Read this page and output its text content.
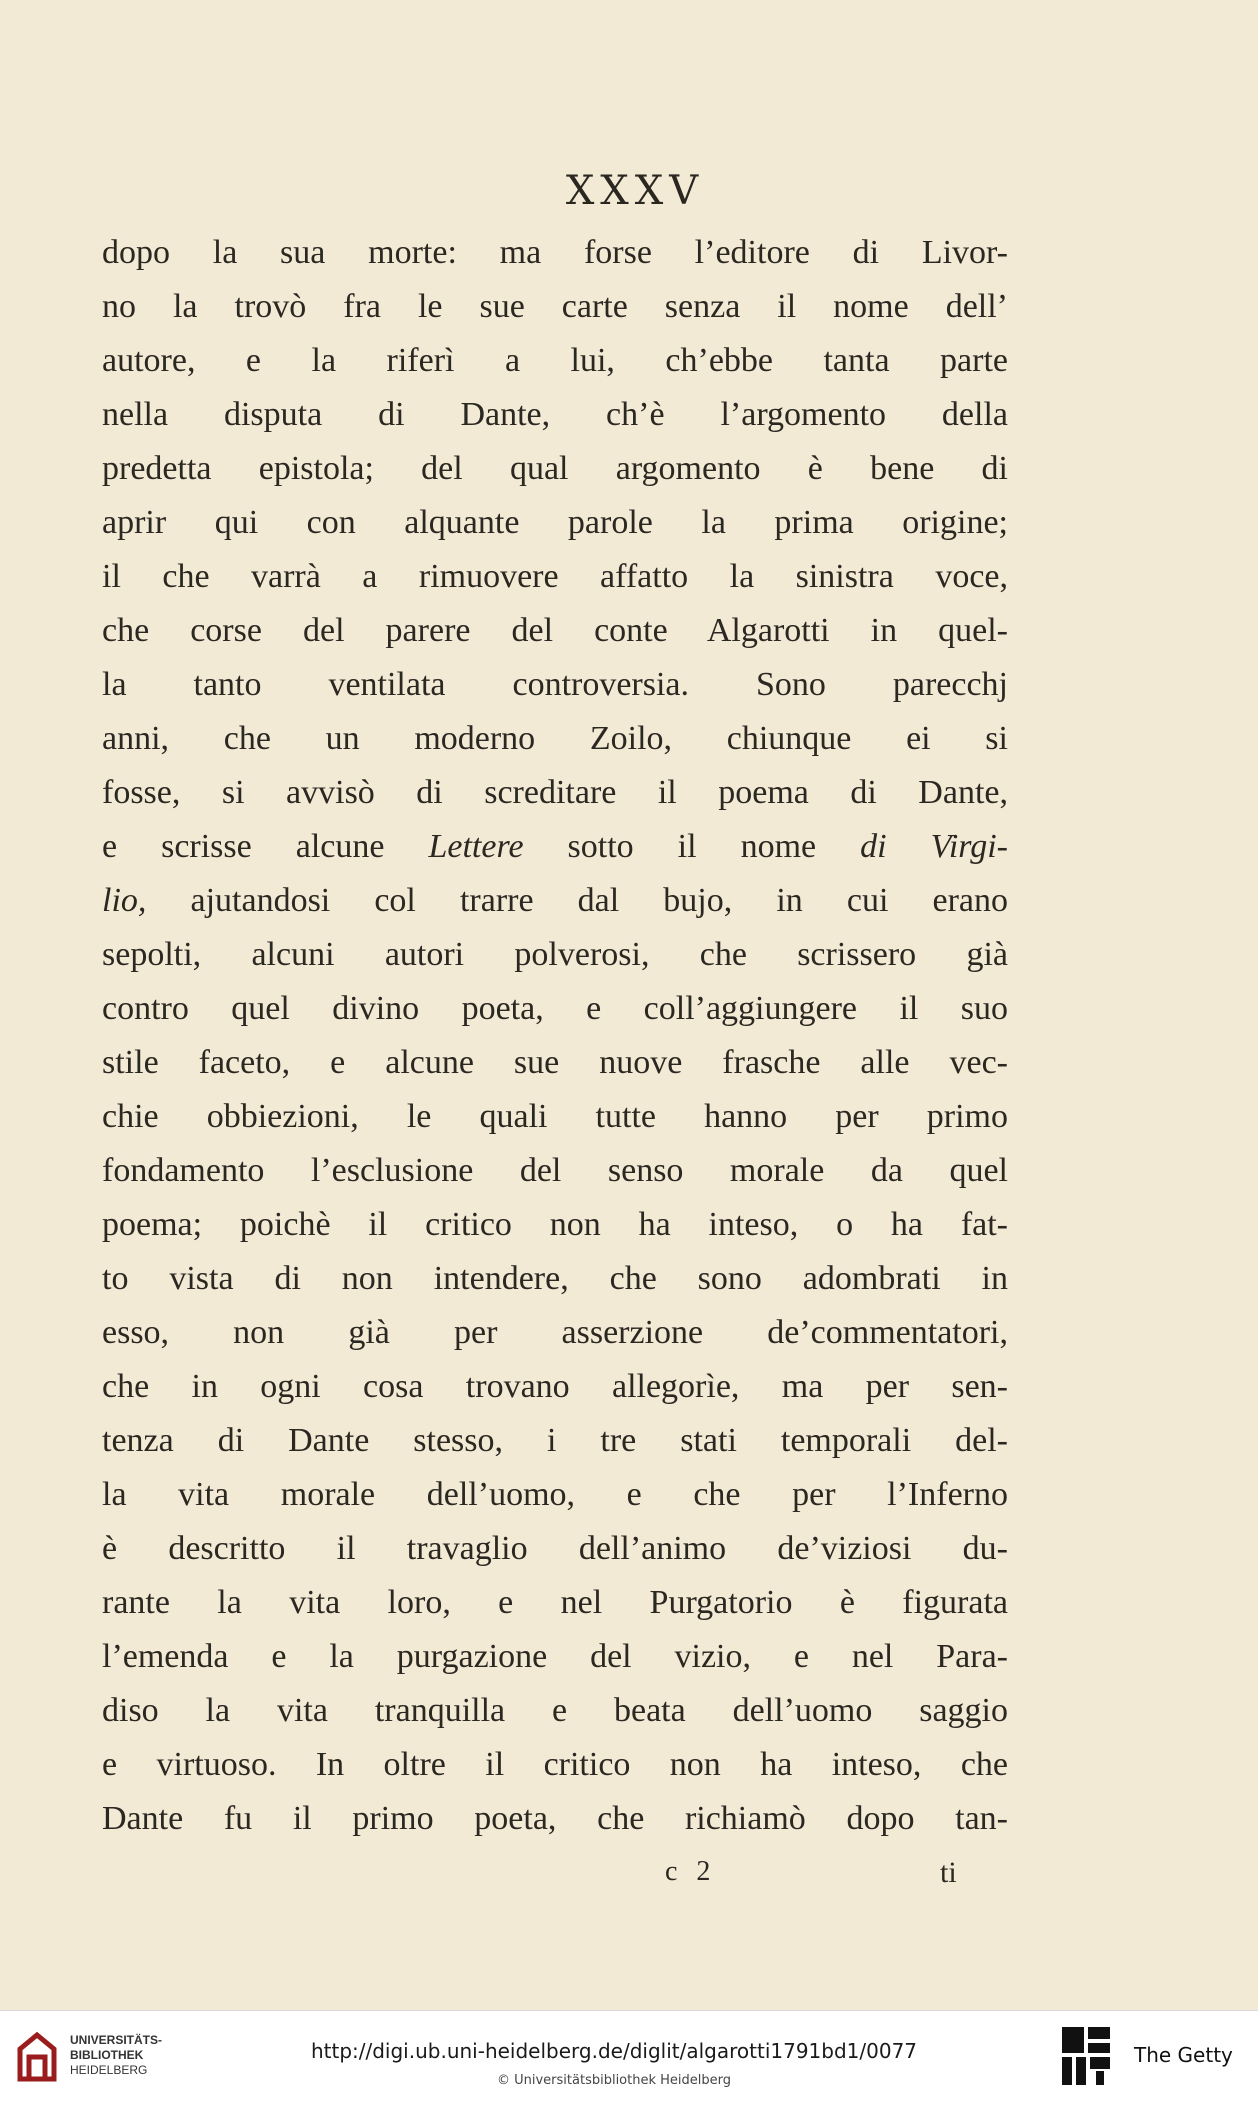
XXXV
dopo la sua morte: ma forse l’editore di Livor-
no la trovò fra le sue carte senza il nome dell’
autore, e la riferì a lui, ch’ebbe tanta parte
nella disputa di Dante, ch’è l’argomento della
predetta epistola; del qual argomento è bene di
aprir qui con alquante parole la prima origine;
il che varrà a rimuovere affatto la sinistra voce,
che corse del parere del conte Algarotti in quel-
la tanto ventilata controversia. Sono parecchj
anni, che un moderno Zoilo, chiunque ei si
fosse, si avvisò di screditare il poema di Dante,
e scrisse alcune Lettere sotto il nome di Virgi-
lio, ajutandosi col trarre dal bujo, in cui erano
sepolti, alcuni autori polverosi, che scrissero già
contro quel divino poeta, e coll’aggiungere il suo
stile faceto, e alcune sue nuove frasche alle vec-
chie obbiezioni, le quali tutte hanno per primo
fondamento l’esclusione del senso morale da quel
poema; poichè il critico non ha inteso, o ha fat-
to vista di non intendere, che sono adombrati in
esso, non già per asserzione de’commentatori,
che in ogni cosa trovano allegorìe, ma per sen-
tenza di Dante stesso, i tre stati temporali del-
la vita morale dell’uomo, e che per l’Inferno
è descritto il travaglio dell’animo de’viziosi du-
rante la vita loro, e nel Purgatorio è figurata
l’emenda e la purgazione del vizio, e nel Para-
diso la vita tranquilla e beata dell’uomo saggio
e virtuoso. In oltre il critico non ha inteso, che
Dante fu il primo poeta, che richiamò dopo tan-
c 2	ti
UNIVERSITÄTS-
BIBLIOTHEK
HEIDELBERG
http://digi.ub.uni-heidelberg.de/diglit/algarotti1791bd1/0077
© Universitätsbibliothek Heidelberg
The Getty
